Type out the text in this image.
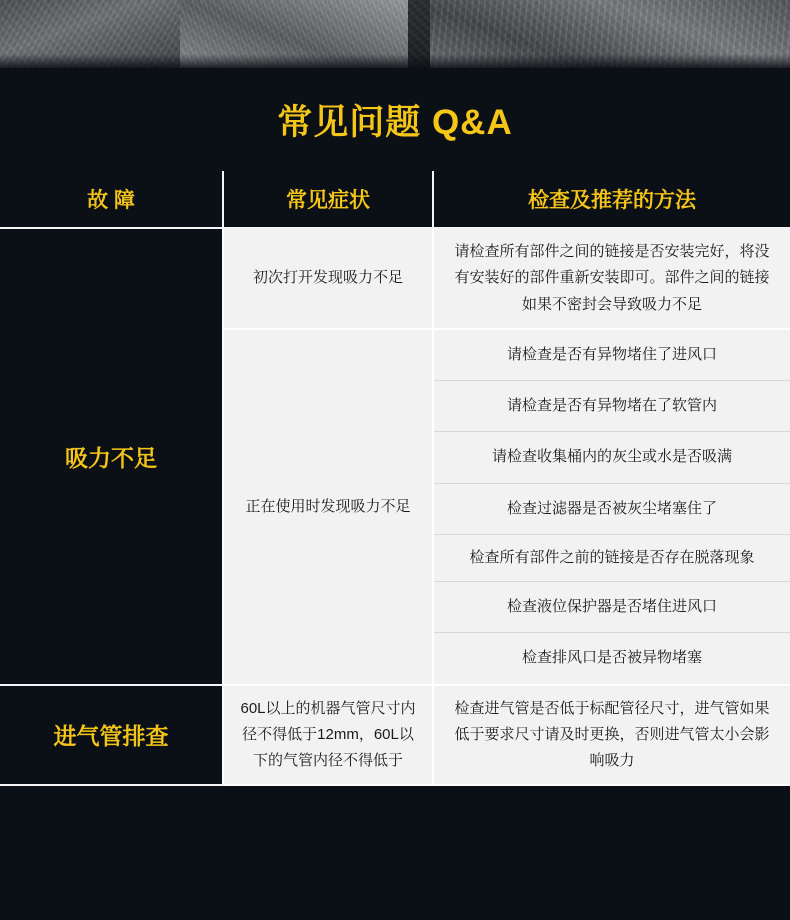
常见问题 Q&A
故 障	常见症状	检查及推荐的方法
吸力不足	初次打开发现吸力不足	请检查所有部件之间的链接是否安装完好，将没有安装好的部件重新安装即可。部件之间的链接如果不密封会导致吸力不足
	正在使用时发现吸力不足	请检查是否有异物堵住了进风口
		请检查是否有异物堵在了软管内
		请检查收集桶内的灰尘或水是否吸满
		检查过滤器是否被灰尘堵塞住了
		检查所有部件之前的链接是否存在脱落现象
		检查液位保护器是否堵住进风口
		检查排风口是否被异物堵塞
进气管排查	60L以上的机器气管尺寸内径不得低于12mm，60L以下的气管内径不得低于	检查进气管是否低于标配管径尺寸，进气管如果低于要求尺寸请及时更换，否则进气管太小会影响吸力
